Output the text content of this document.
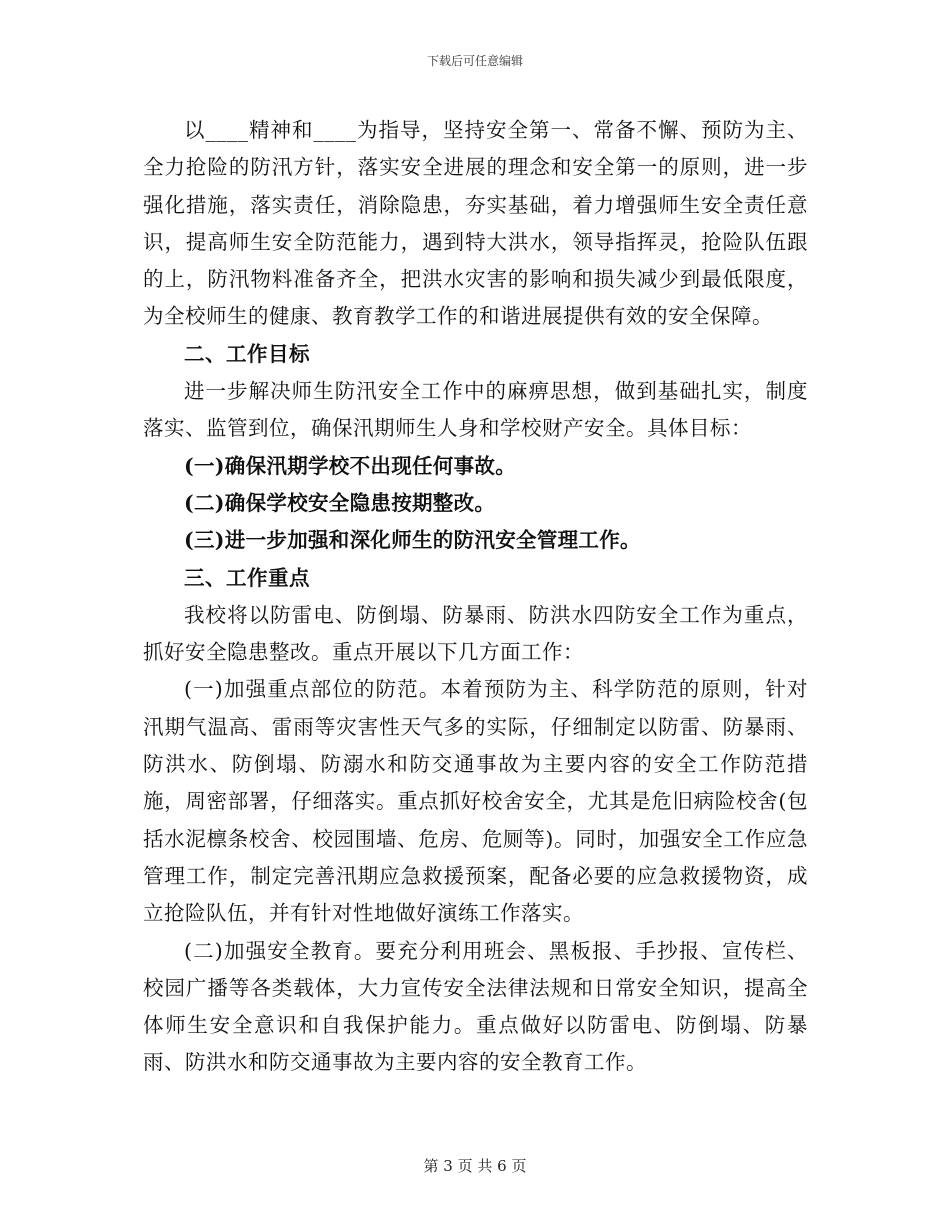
下载后可任意编辑

以____精神和____为指导，坚持安全第一、常备不懈、预防为主、全力抢险的防汛方针，落实安全进展的理念和安全第一的原则，进一步强化措施，落实责任，消除隐患，夯实基础，着力增强师生安全责任意识，提高师生安全防范能力，遇到特大洪水，领导指挥灵，抢险队伍跟的上，防汛物料准备齐全，把洪水灾害的影响和损失减少到最低限度，为全校师生的健康、教育教学工作的和谐进展提供有效的安全保障。

二、工作目标

进一步解决师生防汛安全工作中的麻痹思想，做到基础扎实，制度落实、监管到位，确保汛期师生人身和学校财产安全。具体目标：

(一)确保汛期学校不出现任何事故。

(二)确保学校安全隐患按期整改。

(三)进一步加强和深化师生的防汛安全管理工作。

三、工作重点

我校将以防雷电、防倒塌、防暴雨、防洪水四防安全工作为重点，抓好安全隐患整改。重点开展以下几方面工作：

(一)加强重点部位的防范。本着预防为主、科学防范的原则，针对汛期气温高、雷雨等灾害性天气多的实际，仔细制定以防雷、防暴雨、防洪水、防倒塌、防溺水和防交通事故为主要内容的安全工作防范措施，周密部署，仔细落实。重点抓好校舍安全，尤其是危旧病险校舍(包括水泥檩条校舍、校园围墙、危房、危厕等)。同时，加强安全工作应急管理工作，制定完善汛期应急救援预案，配备必要的应急救援物资，成立抢险队伍，并有针对性地做好演练工作落实。

(二)加强安全教育。要充分利用班会、黑板报、手抄报、宣传栏、校园广播等各类载体，大力宣传安全法律法规和日常安全知识，提高全体师生安全意识和自我保护能力。重点做好以防雷电、防倒塌、防暴雨、防洪水和防交通事故为主要内容的安全教育工作。

第 3 页 共 6 页
